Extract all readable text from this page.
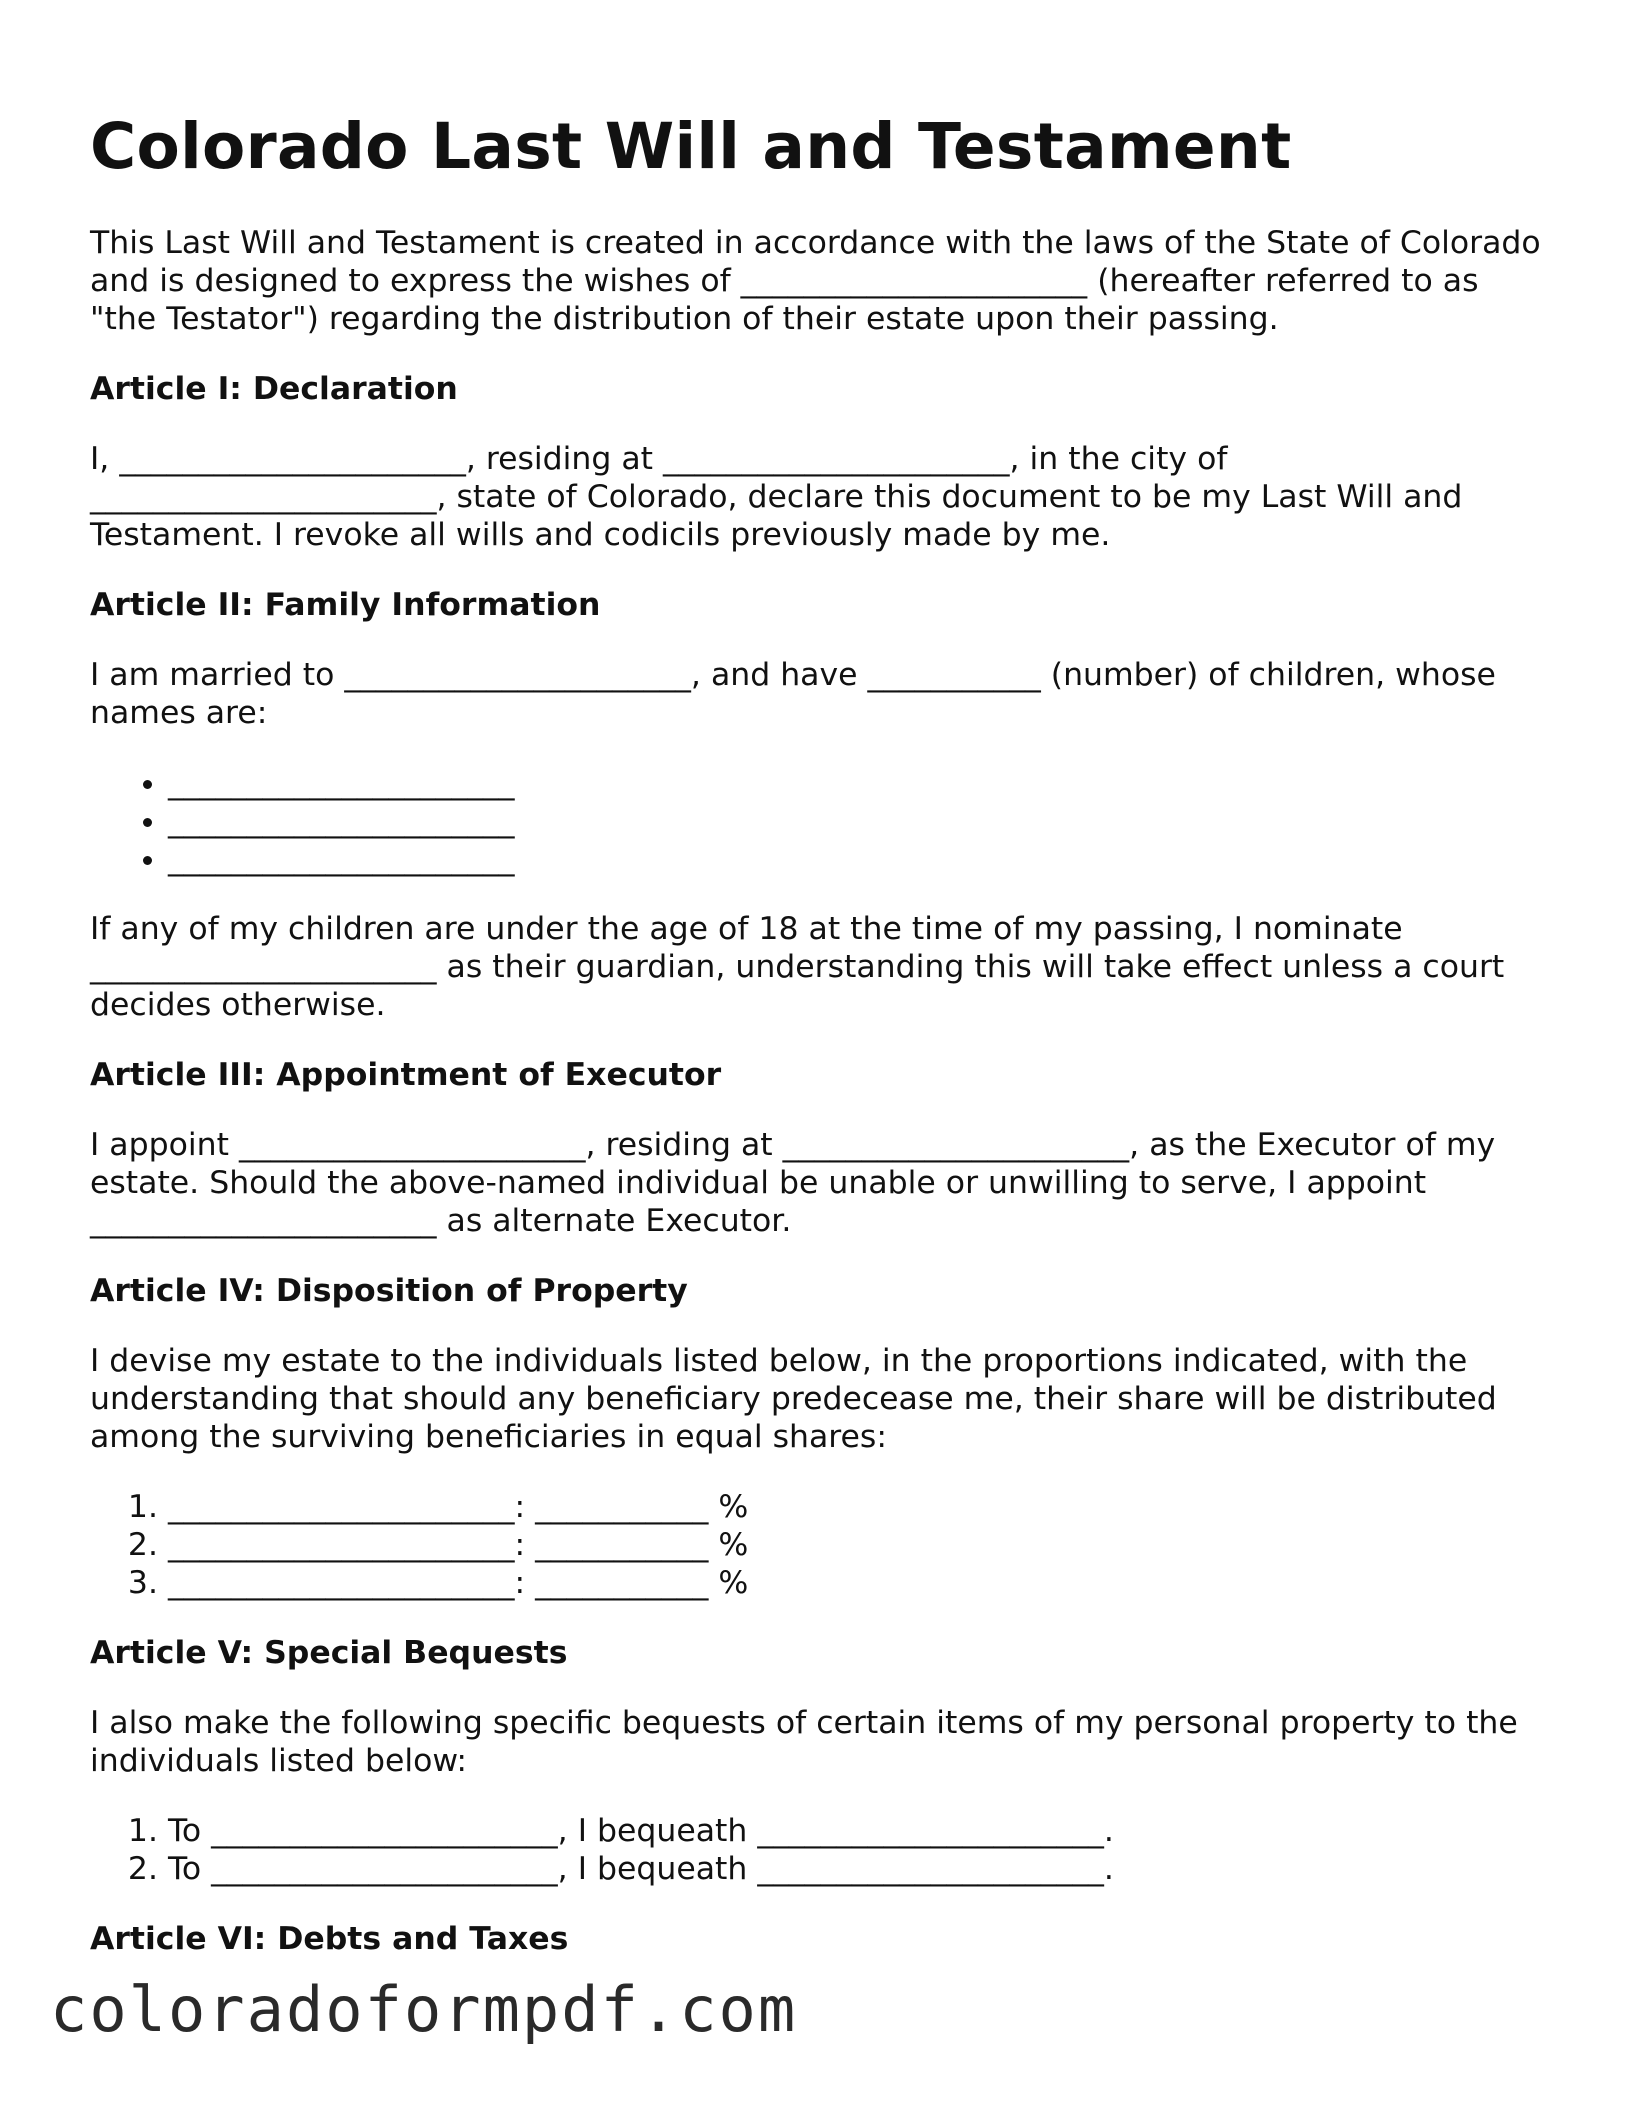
Colorado Last Will and Testament

This Last Will and Testament is created in accordance with the laws of the State of Colorado and is designed to express the wishes of ______________________ (hereafter referred to as "the Testator") regarding the distribution of their estate upon their passing.

Article I: Declaration

I, ______________________, residing at ______________________, in the city of ______________________, state of Colorado, declare this document to be my Last Will and Testament. I revoke all wills and codicils previously made by me.

Article II: Family Information

I am married to ______________________, and have ___________ (number) of children, whose names are:

• ______________________
• ______________________
• ______________________

If any of my children are under the age of 18 at the time of my passing, I nominate ______________________ as their guardian, understanding this will take effect unless a court decides otherwise.

Article III: Appointment of Executor

I appoint ______________________, residing at ______________________, as the Executor of my estate. Should the above-named individual be unable or unwilling to serve, I appoint ______________________ as alternate Executor.

Article IV: Disposition of Property

I devise my estate to the individuals listed below, in the proportions indicated, with the understanding that should any beneficiary predecease me, their share will be distributed among the surviving beneficiaries in equal shares:

1. ______________________: ___________ %
2. ______________________: ___________ %
3. ______________________: ___________ %
Article V: Special Bequests

I also make the following specific bequests of certain items of my personal property to the individuals listed below:

1. To ______________________, I bequeath ______________________.
2. To ______________________, I bequeath ______________________.
Article VI: Debts and Taxes
coloradoformpdf.com
